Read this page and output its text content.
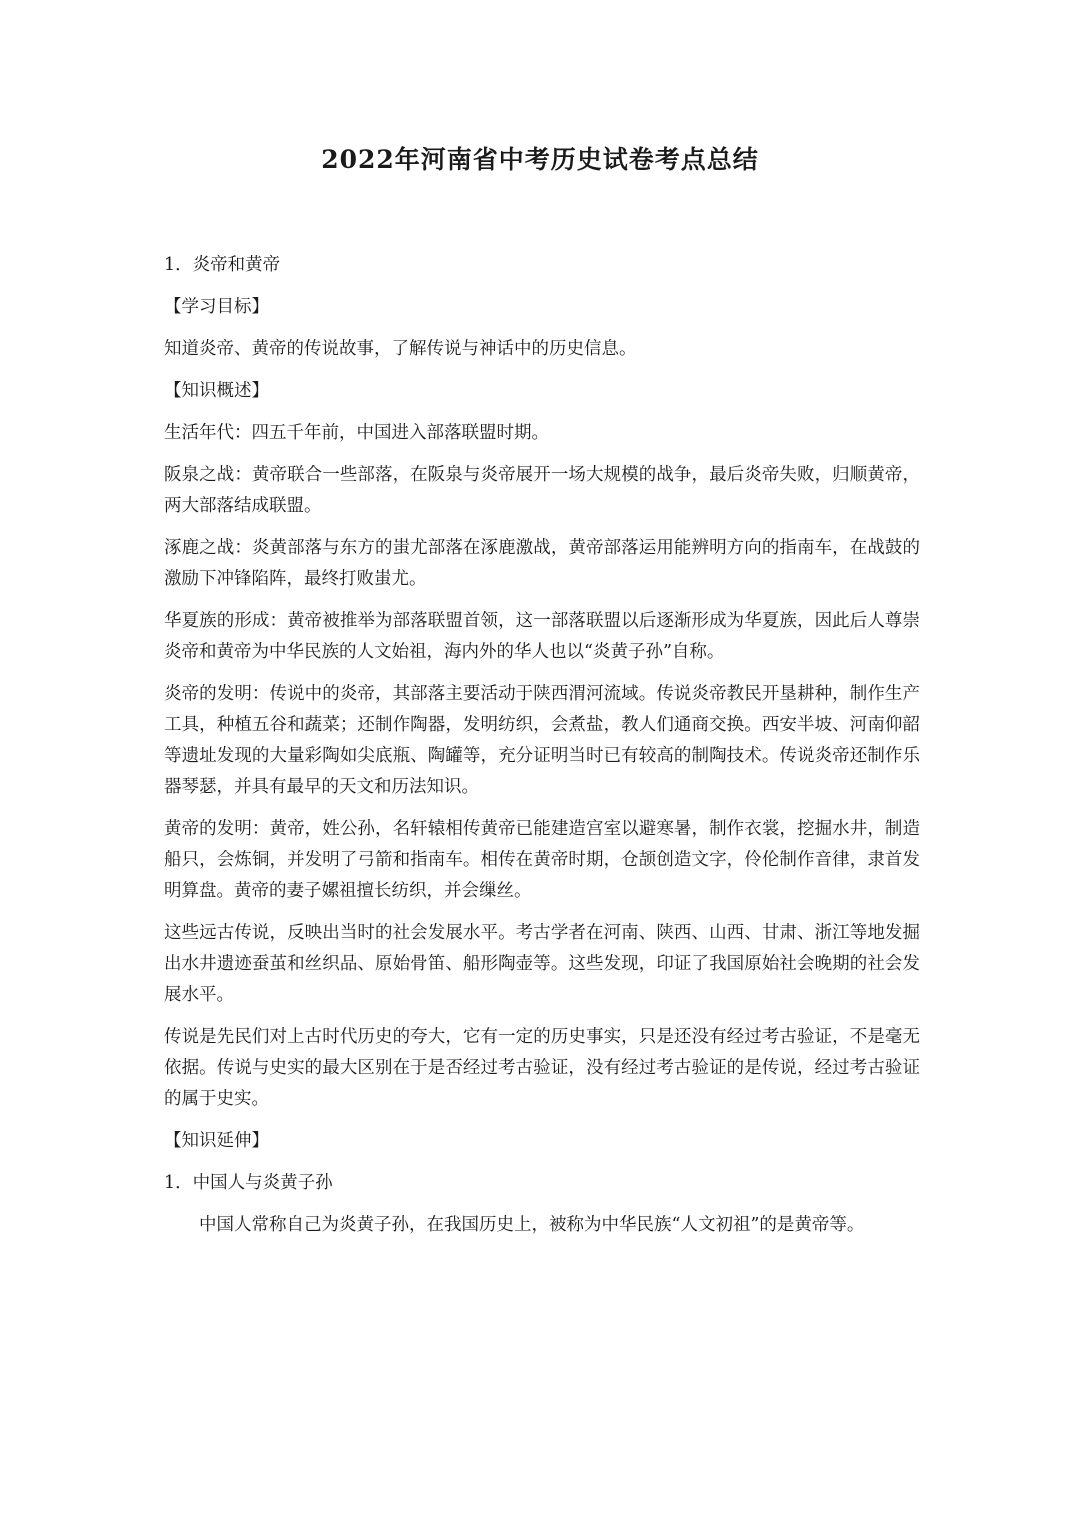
2022年河南省中考历史试卷考点总结

1．炎帝和黄帝

【学习目标】

知道炎帝、黄帝的传说故事，了解传说与神话中的历史信息。

【知识概述】

生活年代：四五千年前，中国进入部落联盟时期。

阪泉之战：黄帝联合一些部落，在阪泉与炎帝展开一场大规模的战争，最后炎帝失败，归顺黄帝，两大部落结成联盟。

涿鹿之战：炎黄部落与东方的蚩尤部落在涿鹿激战，黄帝部落运用能辨明方向的指南车，在战鼓的激励下冲锋陷阵，最终打败蚩尤。

华夏族的形成：黄帝被推举为部落联盟首领，这一部落联盟以后逐渐形成为华夏族，因此后人尊崇炎帝和黄帝为中华民族的人文始祖，海内外的华人也以“炎黄子孙”自称。

炎帝的发明：传说中的炎帝，其部落主要活动于陕西渭河流域。传说炎帝教民开垦耕种，制作生产工具，种植五谷和蔬菜；还制作陶器，发明纺织，会煮盐，教人们通商交换。西安半坡、河南仰韶等遗址发现的大量彩陶如尖底瓶、陶罐等，充分证明当时已有较高的制陶技术。传说炎帝还制作乐器琴瑟，并具有最早的天文和历法知识。

黄帝的发明：黄帝，姓公孙，名轩辕相传黄帝已能建造宫室以避寒暑，制作衣裳，挖掘水井，制造船只，会炼铜，并发明了弓箭和指南车。相传在黄帝时期，仓颉创造文字，伶伦制作音律，隶首发明算盘。黄帝的妻子嫘祖擅长纺织，并会缫丝。

这些远古传说，反映出当时的社会发展水平。考古学者在河南、陕西、山西、甘肃、浙江等地发掘出水井遗迹蚕茧和丝织品、原始骨笛、船形陶壶等。这些发现，印证了我国原始社会晚期的社会发展水平。

传说是先民们对上古时代历史的夸大，它有一定的历史事实，只是还没有经过考古验证，不是毫无依据。传说与史实的最大区别在于是否经过考古验证，没有经过考古验证的是传说，经过考古验证的属于史实。

【知识延伸】

1．中国人与炎黄子孙

中国人常称自己为炎黄子孙，在我国历史上，被称为中华民族“人文初祖”的是黄帝等。
